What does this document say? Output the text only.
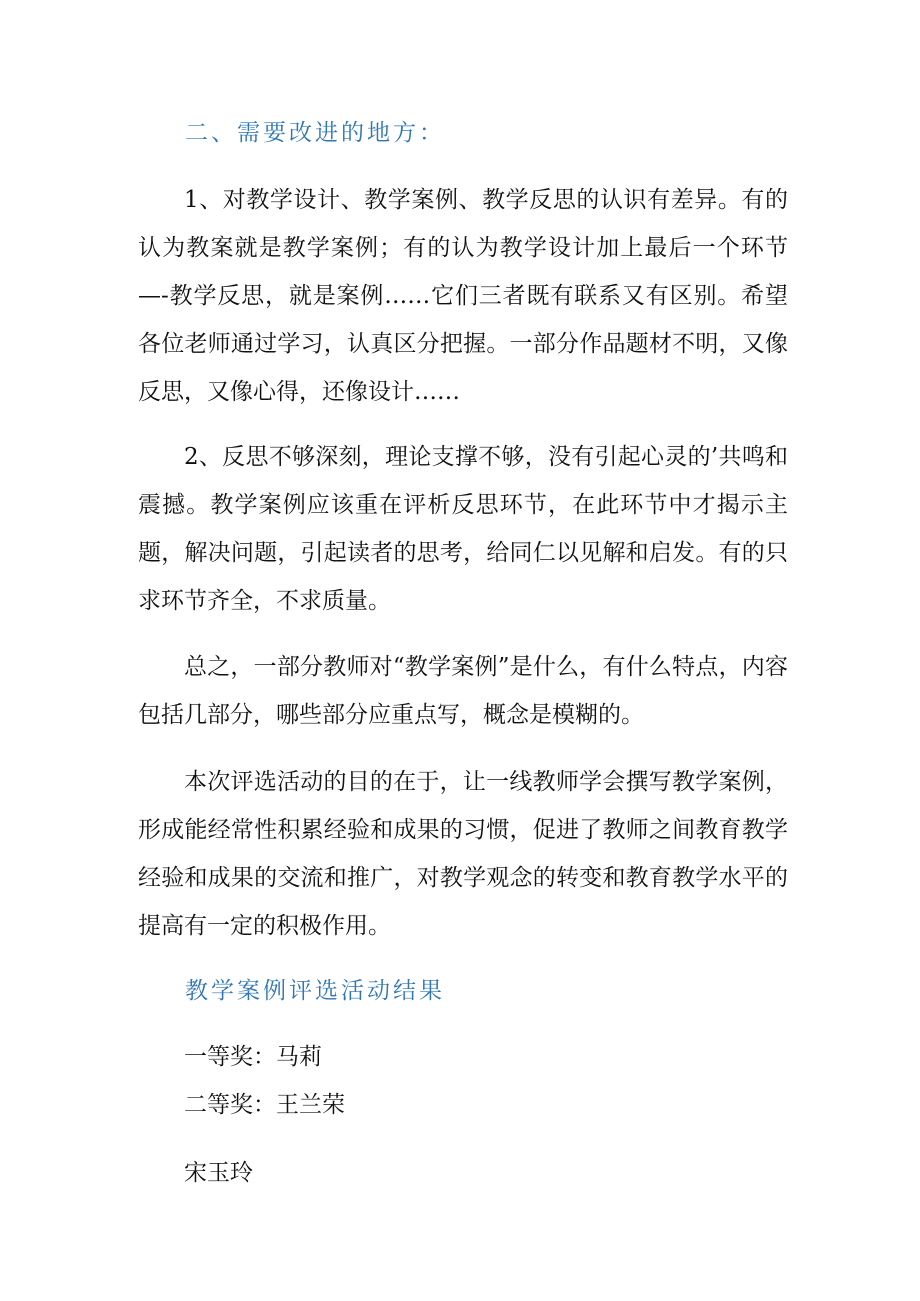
二、需要改进的地方：

1、对教学设计、教学案例、教学反思的认识有差异。有的认为教案就是教学案例；有的认为教学设计加上最后一个环节—-教学反思，就是案例……它们三者既有联系又有区别。希望各位老师通过学习，认真区分把握。一部分作品题材不明，又像反思，又像心得，还像设计……

2、反思不够深刻，理论支撑不够，没有引起心灵的’共鸣和震撼。教学案例应该重在评析反思环节，在此环节中才揭示主题，解决问题，引起读者的思考，给同仁以见解和启发。有的只求环节齐全，不求质量。

总之，一部分教师对“教学案例”是什么，有什么特点，内容包括几部分，哪些部分应重点写，概念是模糊的。

本次评选活动的目的在于，让一线教师学会撰写教学案例，形成能经常性积累经验和成果的习惯，促进了教师之间教育教学经验和成果的交流和推广，对教学观念的转变和教育教学水平的提高有一定的积极作用。

教学案例评选活动结果
一等奖：马莉
二等奖：王兰荣
宋玉玲
